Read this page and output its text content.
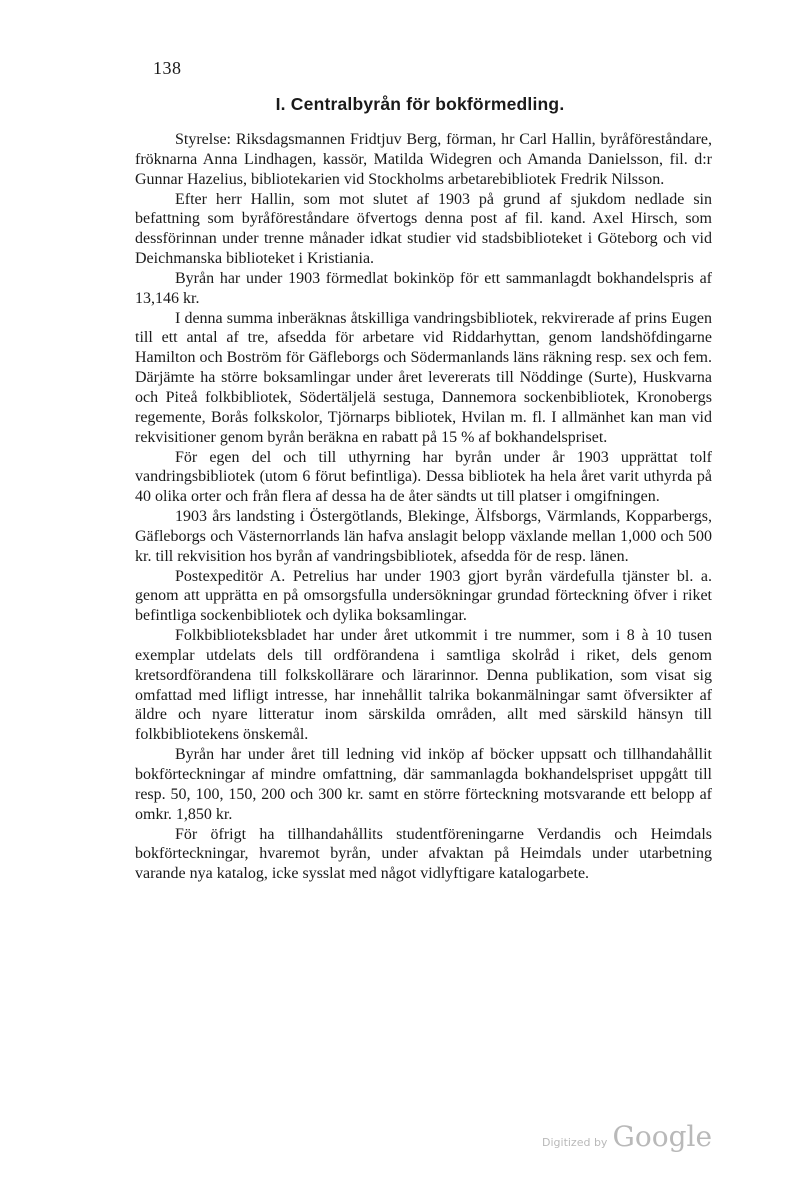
138
I. Centralbyrån för bokförmedling.

Styrelse: Riksdagsmannen Fridtjuv Berg, förman, hr Carl Hallin, byråföreståndare, fröknarna Anna Lindhagen, kassör, Matilda Widegren och Amanda Danielsson, fil. d:r Gunnar Hazelius, bibliotekarien vid Stockholms arbetarebibliotek Fredrik Nilsson.

Efter herr Hallin, som mot slutet af 1903 på grund af sjukdom nedlade sin befattning som byråföreståndare öfvertogs denna post af fil. kand. Axel Hirsch, som dessförinnan under trenne månader idkat studier vid stadsbiblioteket i Göteborg och vid Deichmanska biblioteket i Kristiania.

Byrån har under 1903 förmedlat bokinköp för ett sammanlagdt bokhandelspris af 13,146 kr.

I denna summa inberäknas åtskilliga vandringsbibliotek, rekvirerade af prins Eugen till ett antal af tre, afsedda för arbetare vid Riddarhyttan, genom landshöfdingarne Hamilton och Boström för Gäfleborgs och Södermanlands läns räkning resp. sex och fem. Därjämte ha större boksamlingar under året levererats till Nöddinge (Surte), Huskvarna och Piteå folkbibliotek, Södertäljelä sestuga, Dannemora sockenbibliotek, Kronobergs regemente, Borås folkskolor, Tjörnarps bibliotek, Hvilan m. fl. I allmänhet kan man vid rekvisitioner genom byrån beräkna en rabatt på 15 % af bokhandelspriset.

För egen del och till uthyrning har byrån under år 1903 upprättat tolf vandringsbibliotek (utom 6 förut befintliga). Dessa bibliotek ha hela året varit uthyrda på 40 olika orter och från flera af dessa ha de åter sändts ut till platser i omgifningen.

1903 års landsting i Östergötlands, Blekinge, Älfsborgs, Värmlands, Kopparbergs, Gäfleborgs och Västernorrlands län hafva anslagit belopp växlande mellan 1,000 och 500 kr. till rekvisition hos byrån af vandringsbibliotek, afsedda för de resp. länen.

Postexpeditör A. Petrelius har under 1903 gjort byrån värdefulla tjänster bl. a. genom att upprätta en på omsorgsfulla undersökningar grundad förteckning öfver i riket befintliga sockenbibliotek och dylika boksamlingar.

Folkbiblioteksbladet har under året utkommit i tre nummer, som i 8 à 10 tusen exemplar utdelats dels till ordförandena i samtliga skolråd i riket, dels genom kretsordförandena till folkskollärare och lärarinnor. Denna publikation, som visat sig omfattad med lifligt intresse, har innehållit talrika bokanmälningar samt öfversikter af äldre och nyare litteratur inom särskilda områden, allt med särskild hänsyn till folkbibliotekens önskemål.

Byrån har under året till ledning vid inköp af böcker uppsatt och tillhandahållit bokförteckningar af mindre omfattning, där sammanlagda bokhandelspriset uppgått till resp. 50, 100, 150, 200 och 300 kr. samt en större förteckning motsvarande ett belopp af omkr. 1,850 kr.

För öfrigt ha tillhandahållits studentföreningarne Verdandis och Heimdals bokförteckningar, hvaremot byrån, under afvaktan på Heimdals under utarbetning varande nya katalog, icke sysslat med något vidlyftigare katalogarbete.

Digitized by Google
